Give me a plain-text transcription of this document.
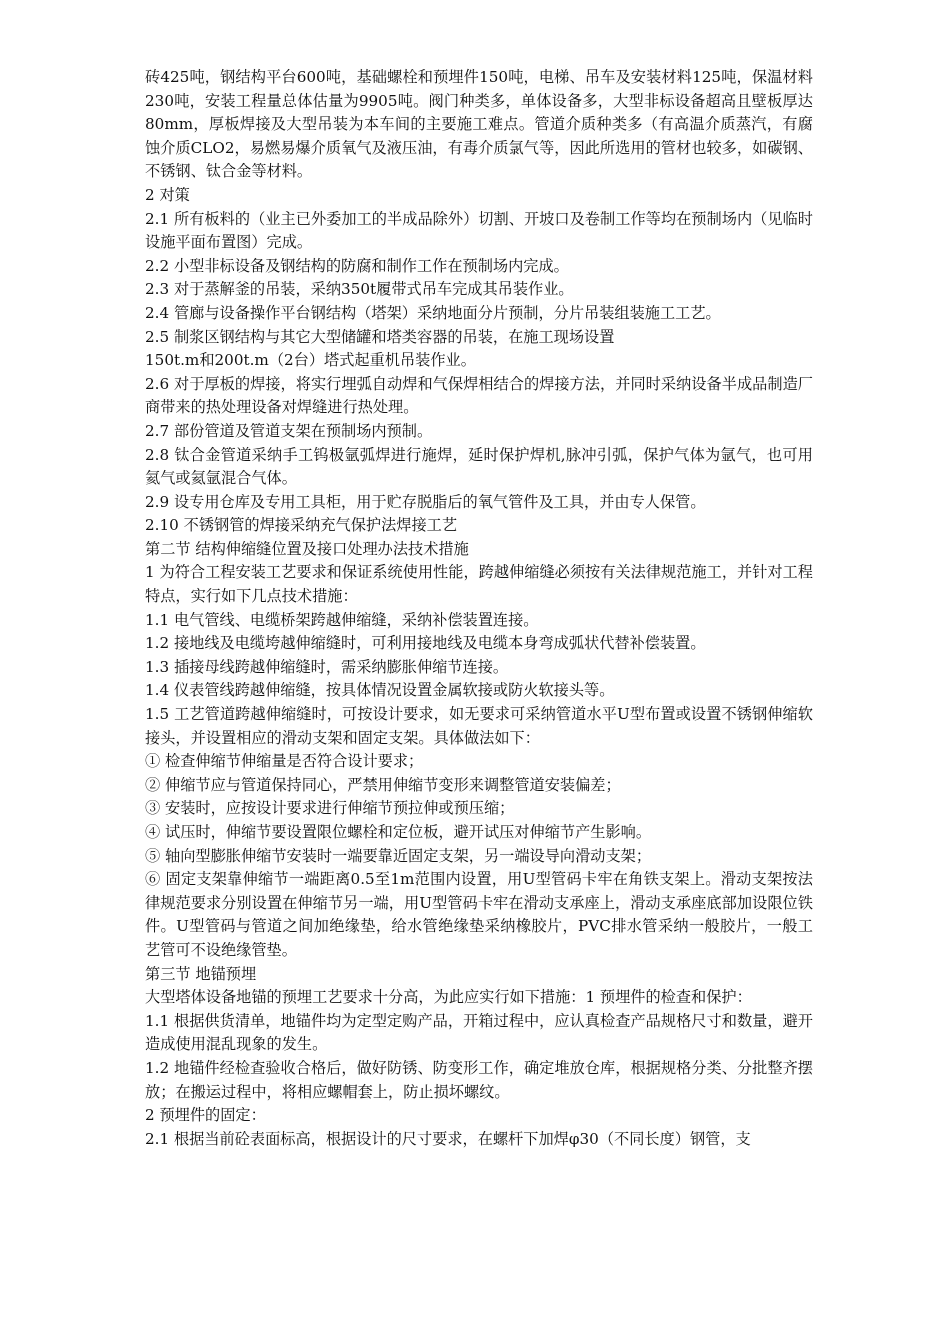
砖425吨，钢结构平台600吨，基础螺栓和预埋件150吨，电梯、吊车及安装材料125吨，保温材料230吨，安装工程量总体估量为9905吨。阀门种类多，单体设备多，大型非标设备超高且壁板厚达80mm，厚板焊接及大型吊装为本车间的主要施工难点。管道介质种类多（有高温介质蒸汽，有腐蚀介质CLO2，易燃易爆介质氧气及液压油，有毒介质氯气等，因此所选用的管材也较多，如碳钢、不锈钢、钛合金等材料。

2 对策

2.1 所有板料的（业主已外委加工的半成品除外）切割、开坡口及卷制工作等均在预制场内（见临时设施平面布置图）完成。

2.2 小型非标设备及钢结构的防腐和制作工作在预制场内完成。

2.3 对于蒸解釜的吊装，采纳350t履带式吊车完成其吊装作业。

2.4 管廊与设备操作平台钢结构（塔架）采纳地面分片预制，分片吊装组装施工工艺。

2.5 制浆区钢结构与其它大型储罐和塔类容器的吊装，在施工现场设置

150t.m和200t.m（2台）塔式起重机吊装作业。

2.6 对于厚板的焊接，将实行埋弧自动焊和气保焊相结合的焊接方法，并同时采纳设备半成品制造厂商带来的热处理设备对焊缝进行热处理。

2.7 部份管道及管道支架在预制场内预制。

2.8 钛合金管道采纳手工钨极氩弧焊进行施焊，延时保护焊机,脉冲引弧，保护气体为氩气，也可用氦气或氦氩混合气体。

2.9 设专用仓库及专用工具柜，用于贮存脱脂后的氧气管件及工具，并由专人保管。

2.10 不锈钢管的焊接采纳充气保护法焊接工艺

第二节 结构伸缩缝位置及接口处理办法技术措施

1 为符合工程安装工艺要求和保证系统使用性能，跨越伸缩缝必须按有关法律规范施工，并针对工程特点，实行如下几点技术措施：

1.1 电气管线、电缆桥架跨越伸缩缝，采纳补偿装置连接。

1.2 接地线及电缆垮越伸缩缝时，可利用接地线及电缆本身弯成弧状代替补偿装置。

1.3 插接母线跨越伸缩缝时，需采纳膨胀伸缩节连接。

1.4 仪表管线跨越伸缩缝，按具体情况设置金属软接或防火软接头等。

1.5 工艺管道跨越伸缩缝时，可按设计要求，如无要求可采纳管道水平U型布置或设置不锈钢伸缩软接头，并设置相应的滑动支架和固定支架。具体做法如下：

① 检查伸缩节伸缩量是否符合设计要求；

② 伸缩节应与管道保持同心，严禁用伸缩节变形来调整管道安装偏差；

③ 安装时，应按设计要求进行伸缩节预拉伸或预压缩；

④ 试压时，伸缩节要设置限位螺栓和定位板，避开试压对伸缩节产生影响。

⑤ 轴向型膨胀伸缩节安装时一端要靠近固定支架，另一端设导向滑动支架；

⑥ 固定支架靠伸缩节一端距离0.5至1m范围内设置，用U型管码卡牢在角铁支架上。滑动支架按法律规范要求分别设置在伸缩节另一端，用U型管码卡牢在滑动支承座上，滑动支承座底部加设限位铁件。U型管码与管道之间加绝缘垫，给水管绝缘垫采纳橡胶片，PVC排水管采纳一般胶片，一般工艺管可不设绝缘管垫。

第三节 地锚预埋

大型塔体设备地锚的预埋工艺要求十分高，为此应实行如下措施：1 预埋件的检查和保护：

1.1 根据供货清单，地锚件均为定型定购产品，开箱过程中，应认真检查产品规格尺寸和数量，避开造成使用混乱现象的发生。

1.2 地锚件经检查验收合格后，做好防锈、防变形工作，确定堆放仓库，根据规格分类、分批整齐摆放；在搬运过程中，将相应螺帽套上，防止损坏螺纹。

2 预埋件的固定：

2.1 根据当前砼表面标高，根据设计的尺寸要求，在螺杆下加焊φ30（不同长度）钢管，支
